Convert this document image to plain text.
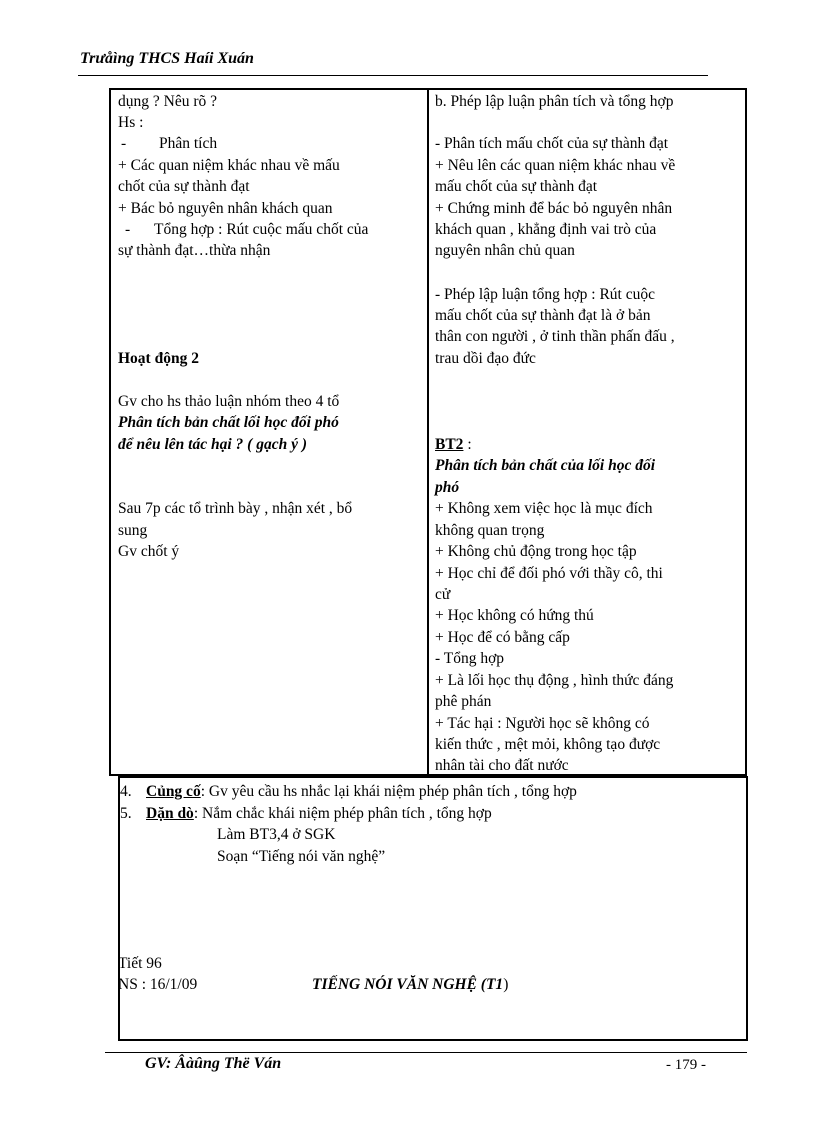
Trưåìng THCS Haíi Xuán
dụng ? Nêu rõ ?
Hs :
- Phân tích
+ Các quan niệm khác nhau về mấu
chốt của sự thành đạt
+ Bác bỏ nguyên nhân khách quan
- Tổng hợp : Rút cuộc mấu chốt của
sự thành đạt…thừa nhận
Hoạt động 2
Gv cho hs thảo luận nhóm theo 4 tổ
Phân tích bản chất lối học đối phó
để nêu lên tác hại ? ( gạch ý )
Sau 7p các tổ trình bày , nhận xét , bổ
sung
Gv chốt ý
b. Phép lập luận phân tích và tổng hợp
- Phân tích mấu chốt của sự thành đạt
+ Nêu lên các quan niệm khác nhau về
mấu chốt của sự thành đạt
+ Chứng minh để bác bỏ nguyên nhân
khách quan , khẳng định vai trò của
nguyên nhân chủ quan
- Phép lập luận tổng hợp : Rút cuộc
mấu chốt của sự thành đạt là ở bản
thân con người , ở tinh thần phấn đấu ,
trau dồi đạo đức
BT2 :
Phân tích bản chất của lối học đối
phó
+ Không xem việc học là mục đích
không quan trọng
+ Không chủ động trong học tập
+ Học chỉ để đối phó với thầy cô, thi
cử
+ Học không có hứng thú
+ Học để có bằng cấp
- Tổng hợp
+ Là lối học thụ động , hình thức đáng
phê phán
+ Tác hại : Người học sẽ không có
kiến thức , mệt mỏi, không tạo được
nhân tài cho đất nước
4. Củng cố: Gv yêu cầu hs nhắc lại khái niệm phép phân tích , tổng hợp
5. Dặn dò: Nắm chắc khái niệm phép phân tích , tổng hợp
Làm BT3,4 ở SGK
Soạn “Tiếng nói văn nghệ”
Tiết 96
NS : 16/1/09	TIẾNG NÓI VĂN NGHỆ (T1)
GV: Âàûng Thë Ván	- 179 -
